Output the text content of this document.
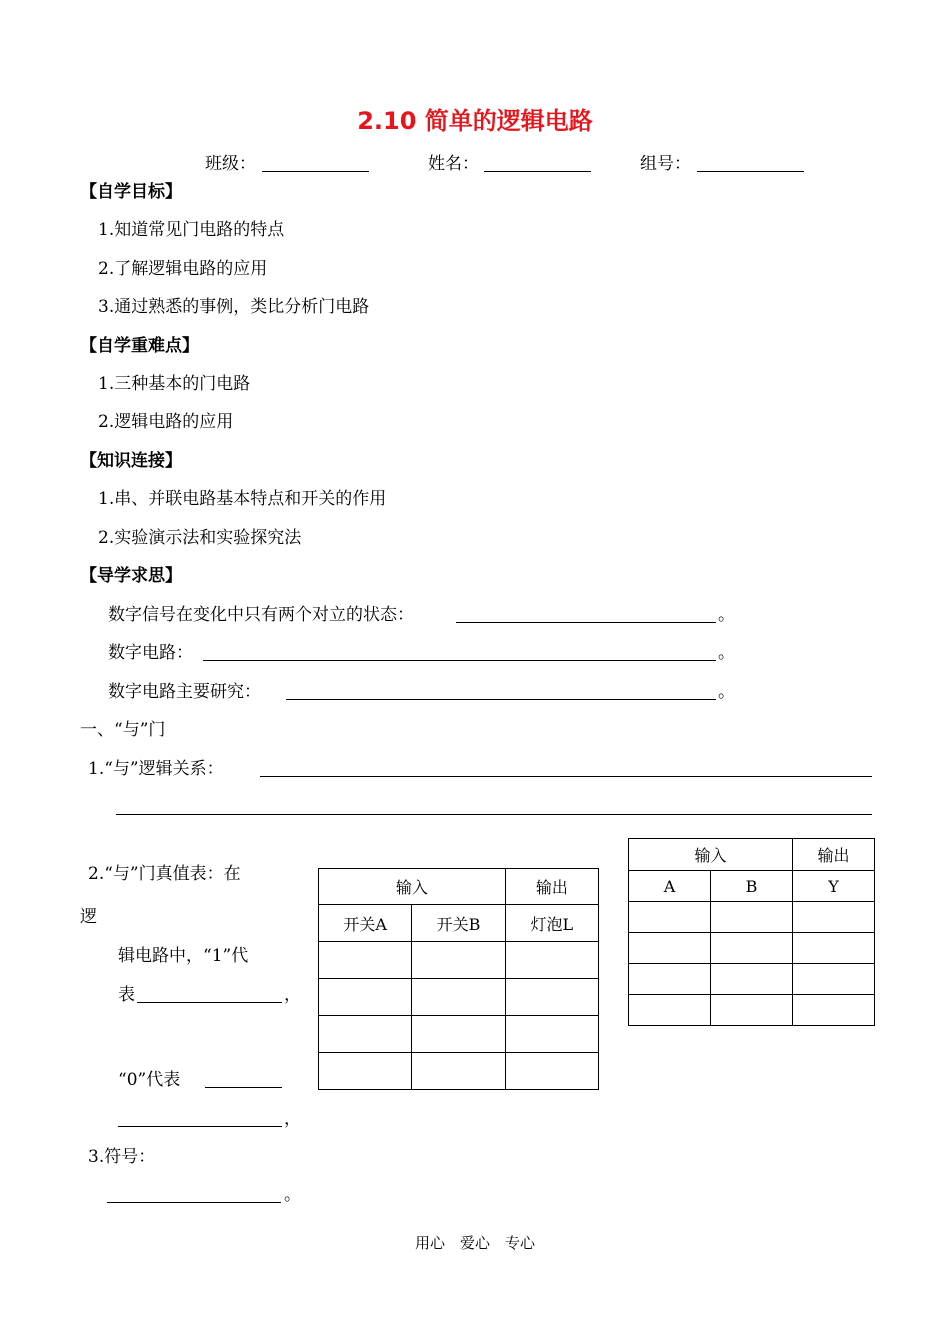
2.10 简单的逻辑电路
班级：	姓名：	组号：
【自学目标】
1.知道常见门电路的特点
2.了解逻辑电路的应用
3.通过熟悉的事例，类比分析门电路
【自学重难点】
1.三种基本的门电路
2.逻辑电路的应用
【知识连接】
1.串、并联电路基本特点和开关的作用
2.实验演示法和实验探究法
【导学求思】
数字信号在变化中只有两个对立的状态：	。
数字电路：	。
数字电路主要研究：	。
一、“与”门
1.“与”逻辑关系：
2.“与”门真值表：在
逻
辑电路中，“1”代
表	，
“0”代表
，
3.符号：
。
输入		输出
开关A	开关B	灯泡L

输入		输出
A	B	Y

用心　爱心　专心
